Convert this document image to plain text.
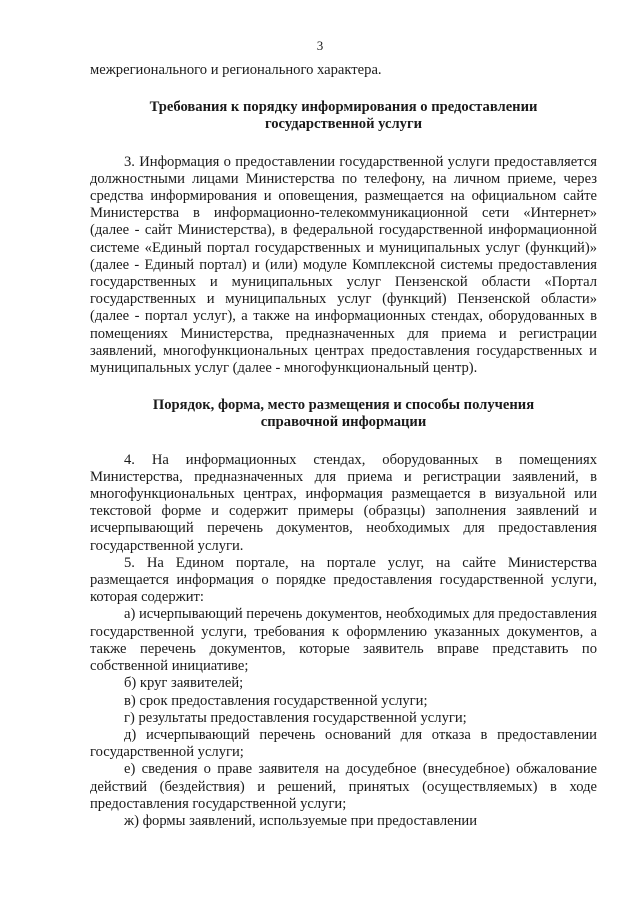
3

межрегионального и регионального характера.

Требования к порядку информирования о предоставлении государственной услуги

3. Информация о предоставлении государственной услуги предоставляется должностными лицами Министерства по телефону, на личном приеме, через средства информирования и оповещения, размещается на официальном сайте Министерства в информационно-телекоммуникационной сети «Интернет» (далее - сайт Министерства), в федеральной государственной информационной системе «Единый портал государственных и муниципальных услуг (функций)» (далее - Единый портал) и (или) модуле Комплексной системы предоставления государственных и муниципальных услуг Пензенской области «Портал государственных и муниципальных услуг (функций) Пензенской области» (далее - портал услуг), а также на информационных стендах, оборудованных в помещениях Министерства, предназначенных для приема и регистрации заявлений, многофункциональных центрах предоставления государственных и муниципальных услуг (далее - многофункциональный центр).

Порядок, форма, место размещения и способы получения справочной информации

4. На информационных стендах, оборудованных в помещениях Министерства, предназначенных для приема и регистрации заявлений, в многофункциональных центрах, информация размещается в визуальной или текстовой форме и содержит примеры (образцы) заполнения заявлений и исчерпывающий перечень документов, необходимых для предоставления государственной услуги.

5. На Едином портале, на портале услуг, на сайте Министерства размещается информация о порядке предоставления государственной услуги, которая содержит:

а) исчерпывающий перечень документов, необходимых для предоставления государственной услуги, требования к оформлению указанных документов, а также перечень документов, которые заявитель вправе представить по собственной инициативе;

б) круг заявителей;

в) срок предоставления государственной услуги;

г) результаты предоставления государственной услуги;

д) исчерпывающий перечень оснований для отказа в предоставлении государственной услуги;

е) сведения о праве заявителя на досудебное (внесудебное) обжалование действий (бездействия) и решений, принятых (осуществляемых) в ходе предоставления государственной услуги;

ж) формы заявлений, используемые при предоставлении
